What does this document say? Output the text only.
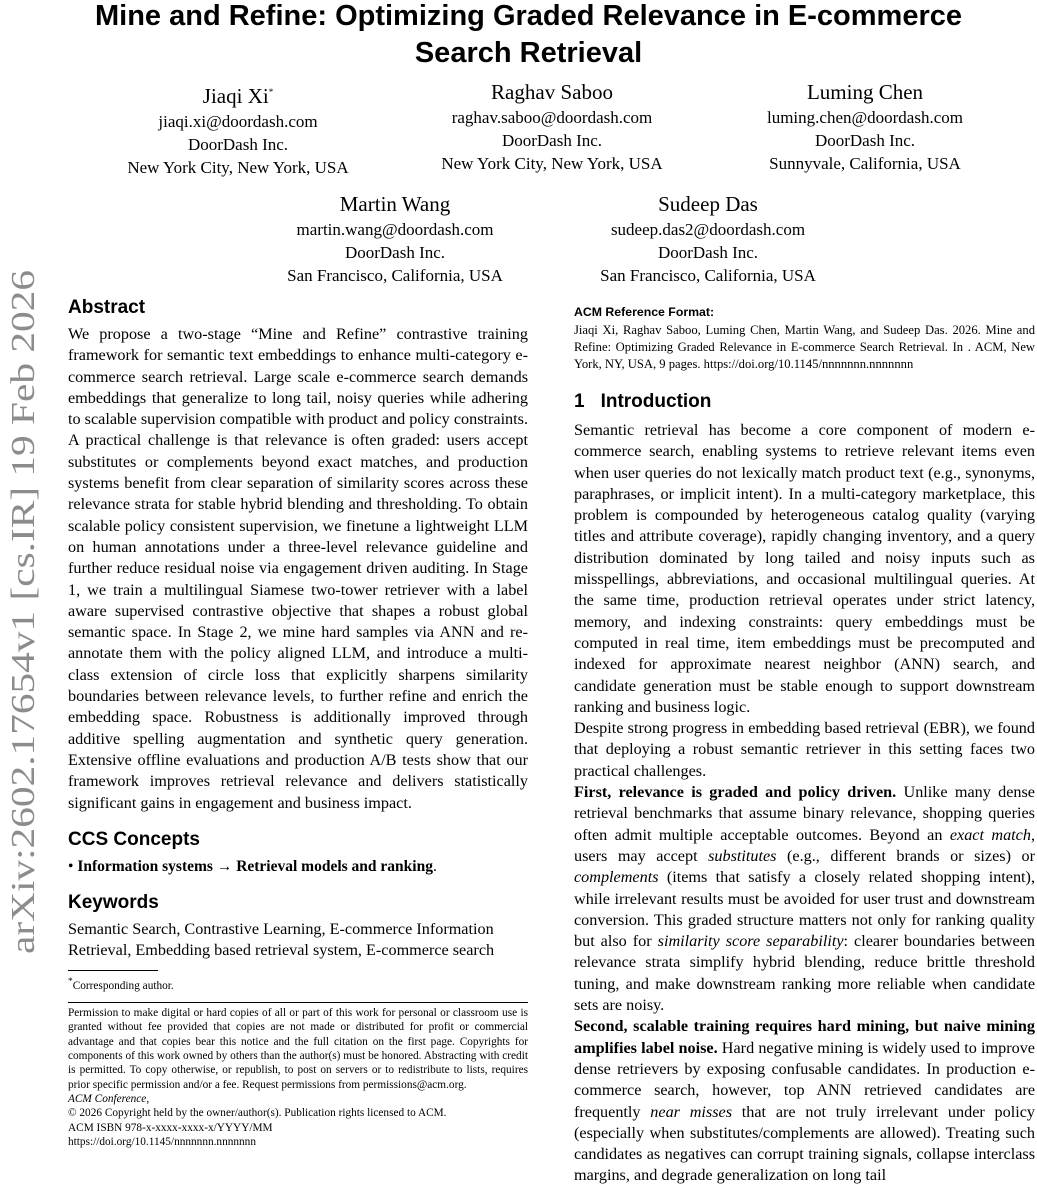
arXiv:2602.17654v1 [cs.IR] 19 Feb 2026
Mine and Refine: Optimizing Graded Relevance in E-commerce
Search Retrieval
Jiaqi Xi*
jiaqi.xi@doordash.com
DoorDash Inc.
New York City, New York, USA
Raghav Saboo
raghav.saboo@doordash.com
DoorDash Inc.
New York City, New York, USA
Luming Chen
luming.chen@doordash.com
DoorDash Inc.
Sunnyvale, California, USA
Martin Wang
martin.wang@doordash.com
DoorDash Inc.
San Francisco, California, USA
Sudeep Das
sudeep.das2@doordash.com
DoorDash Inc.
San Francisco, California, USA
Abstract

We propose a two-stage “Mine and Refine” contrastive training framework for semantic text embeddings to enhance multi-category e-commerce search retrieval. Large scale e-commerce search demands embeddings that generalize to long tail, noisy queries while adhering to scalable supervision compatible with product and policy constraints. A practical challenge is that relevance is often graded: users accept substitutes or complements beyond exact matches, and production systems benefit from clear separation of similarity scores across these relevance strata for stable hybrid blending and thresholding. To obtain scalable policy consistent supervision, we finetune a lightweight LLM on human annotations under a three-level relevance guideline and further reduce residual noise via engagement driven auditing. In Stage 1, we train a multilingual Siamese two-tower retriever with a label aware supervised contrastive objective that shapes a robust global semantic space. In Stage 2, we mine hard samples via ANN and re-annotate them with the policy aligned LLM, and introduce a multi-class extension of circle loss that explicitly sharpens similarity boundaries between relevance levels, to further refine and enrich the embedding space. Robustness is additionally improved through additive spelling augmentation and synthetic query generation. Extensive offline evaluations and production A/B tests show that our framework improves retrieval relevance and delivers statistically significant gains in engagement and business impact.

CCS Concepts

• Information systems → Retrieval models and ranking.

Keywords

Semantic Search, Contrastive Learning, E-commerce Information Retrieval, Embedding based retrieval system, E-commerce search

*Corresponding author.

Permission to make digital or hard copies of all or part of this work for personal or classroom use is granted without fee provided that copies are not made or distributed for profit or commercial advantage and that copies bear this notice and the full citation on the first page. Copyrights for components of this work owned by others than the author(s) must be honored. Abstracting with credit is permitted. To copy otherwise, or republish, to post on servers or to redistribute to lists, requires prior specific permission and/or a fee. Request permissions from permissions@acm.org.

ACM Conference,

© 2026 Copyright held by the owner/author(s). Publication rights licensed to ACM.

ACM ISBN 978-x-xxxx-xxxx-x/YYYY/MM

https://doi.org/10.1145/nnnnnnn.nnnnnnn

ACM Reference Format:

Jiaqi Xi, Raghav Saboo, Luming Chen, Martin Wang, and Sudeep Das. 2026. Mine and Refine: Optimizing Graded Relevance in E-commerce Search Retrieval. In . ACM, New York, NY, USA, 9 pages. https://doi.org/10.1145/nnnnnnn.nnnnnnn

1 Introduction

Semantic retrieval has become a core component of modern e-commerce search, enabling systems to retrieve relevant items even when user queries do not lexically match product text (e.g., synonyms, paraphrases, or implicit intent). In a multi-category marketplace, this problem is compounded by heterogeneous catalog quality (varying titles and attribute coverage), rapidly changing inventory, and a query distribution dominated by long tailed and noisy inputs such as misspellings, abbreviations, and occasional multilingual queries. At the same time, production retrieval operates under strict latency, memory, and indexing constraints: query embeddings must be computed in real time, item embeddings must be precomputed and indexed for approximate nearest neighbor (ANN) search, and candidate generation must be stable enough to support downstream ranking and business logic.

Despite strong progress in embedding based retrieval (EBR), we found that deploying a robust semantic retriever in this setting faces two practical challenges.

First, relevance is graded and policy driven. Unlike many dense retrieval benchmarks that assume binary relevance, shopping queries often admit multiple acceptable outcomes. Beyond an exact match, users may accept substitutes (e.g., different brands or sizes) or complements (items that satisfy a closely related shopping intent), while irrelevant results must be avoided for user trust and downstream conversion. This graded structure matters not only for ranking quality but also for similarity score separability: clearer boundaries between relevance strata simplify hybrid blending, reduce brittle threshold tuning, and make downstream ranking more reliable when candidate sets are noisy.

Second, scalable training requires hard mining, but naive mining amplifies label noise. Hard negative mining is widely used to improve dense retrievers by exposing confusable candidates. In production e-commerce search, however, top ANN retrieved candidates are frequently near misses that are not truly irrelevant under policy (especially when substitutes/complements are allowed). Treating such candidates as negatives can corrupt training signals, collapse interclass margins, and degrade generalization on long tail
